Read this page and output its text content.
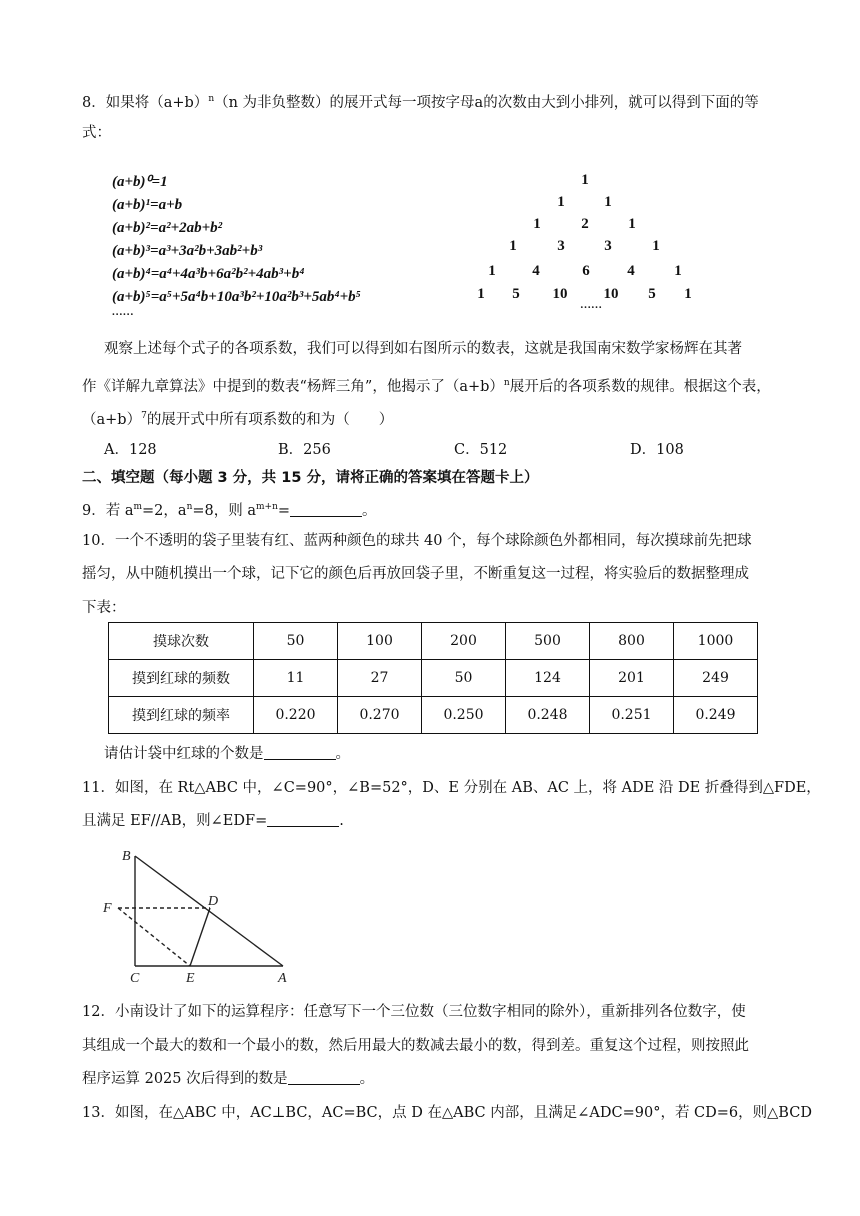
8．如果将$(a+b)^n(n$ 为非负整数）的展开式每一项按字母a的次数由大到小排列，就可以得到下面的等
式：
(a+b)⁰=1
(a+b)¹=a+b
(a+b)²=a²+2ab+b²
(a+b)³=a³+3a²b+3ab²+b³
(a+b)⁴=a⁴+4a³b+6a²b²+4ab³+b⁴
(a+b)⁵=a⁵+5a⁴b+10a³b²+10a²b³+5ab⁴+b⁵
……
1
1	1
1	2	1
1	3	3	1
1 4	6	4	1
1 5 10 10 5 1
……
观察上述每个式子的各项系数，我们可以得到如右图所示的数表，这就是我国南宋数学家杨辉在其著
作《详解九章算法》中提到的数表“杨辉三角”，他揭示了$(a+b)^n$展开后的各项系数的规律。根据这个表，
$(a+b)^7$的展开式中所有项系数的和为（　　）
A．128	B．256	C．512	D．108
二、填空题（每小题 3 分，共 15 分，请将正确的答案填在答题卡上）
9．若 $a^m=2$，$a^n=8$，则 $a^{m+n}=$	。
10．一个不透明的袋子里装有红、蓝两种颜色的球共 40 个，每个球除颜色外都相同，每次摸球前先把球
摇匀，从中随机摸出一个球，记下它的颜色后再放回袋子里，不断重复这一过程，将实验后的数据整理成
下表：
摸球次数	50	100	200	500	800	1000
摸到红球的频数	11	27	50	124	201	249
摸到红球的频率	0.220	0.270	0.250	0.248	0.251	0.249
请估计袋中红球的个数是	。
11．如图，在 Rt△ABC 中，∠C=90°，∠B=52°，D、E 分别在 AB、AC 上，将 ADE 沿 DE 折叠得到△FDE，
且满足 EF//AB，则∠EDF=	.
B
F	D
C	E	A
12．小南设计了如下的运算程序：任意写下一个三位数（三位数字相同的除外），重新排列各位数字，使
其组成一个最大的数和一个最小的数，然后用最大的数减去最小的数，得到差。重复这个过程，则按照此
程序运算 2025 次后得到的数是	。
13．如图，在△ABC 中，AC⊥BC，AC=BC，点 D 在△ABC 内部，且满足∠ADC=90°，若 CD=6，则△BCD
